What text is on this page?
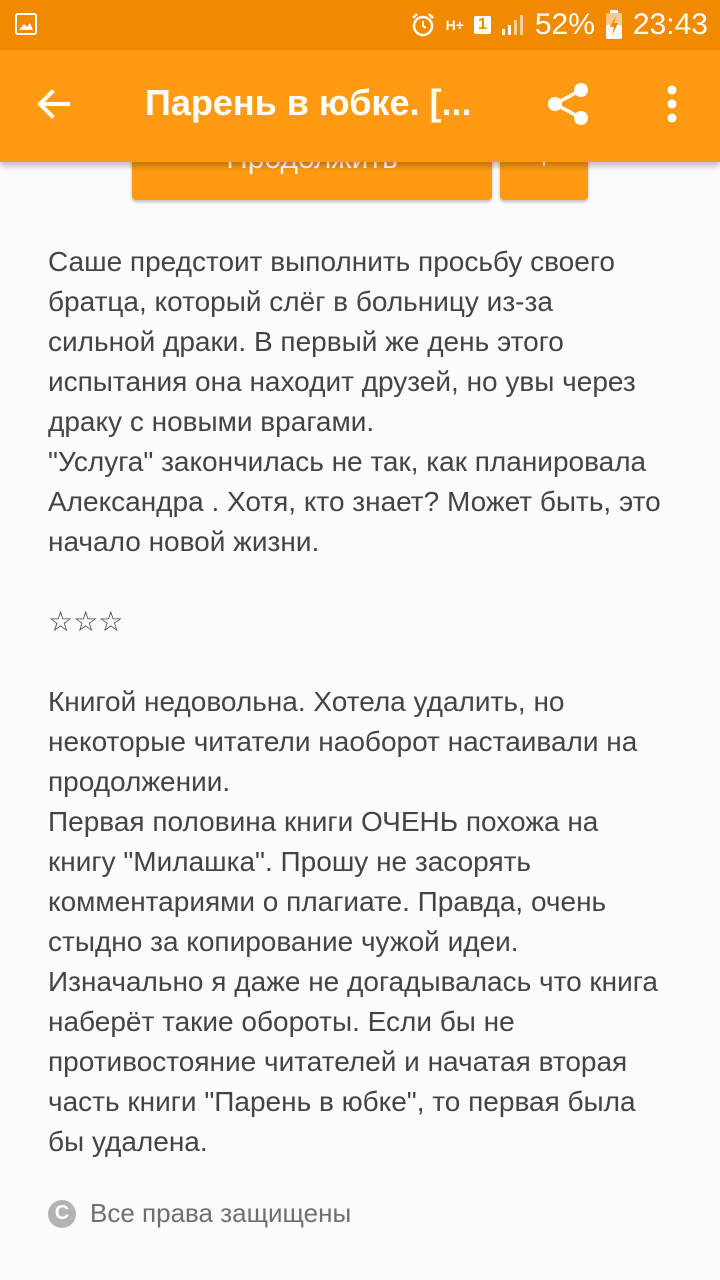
H+ 1 52% 23:43
Парень в юбке. [...

Саше предстоит выполнить просьбу своего

братца, который слёг в больницу из-за

сильной драки. В первый же день этого

испытания она находит друзей, но увы через

драку с новыми врагами.

"Услуга" закончилась не так, как планировала

Александра . Хотя, кто знает? Может быть, это

начало новой жизни.

☆☆☆

Книгой недовольна. Хотела удалить, но

некоторые читатели наоборот настаивали на

продолжении.

Первая половина книги ОЧЕНЬ похожа на

книгу "Милашка". Прошу не засорять

комментариями о плагиате. Правда, очень

стыдно за копирование чужой идеи.

Изначально я даже не догадывалась что книга

наберёт такие обороты. Если бы не

противостояние читателей и начатая вторая

часть книги "Парень в юбке", то первая была

бы удалена.

C Все права защищены
